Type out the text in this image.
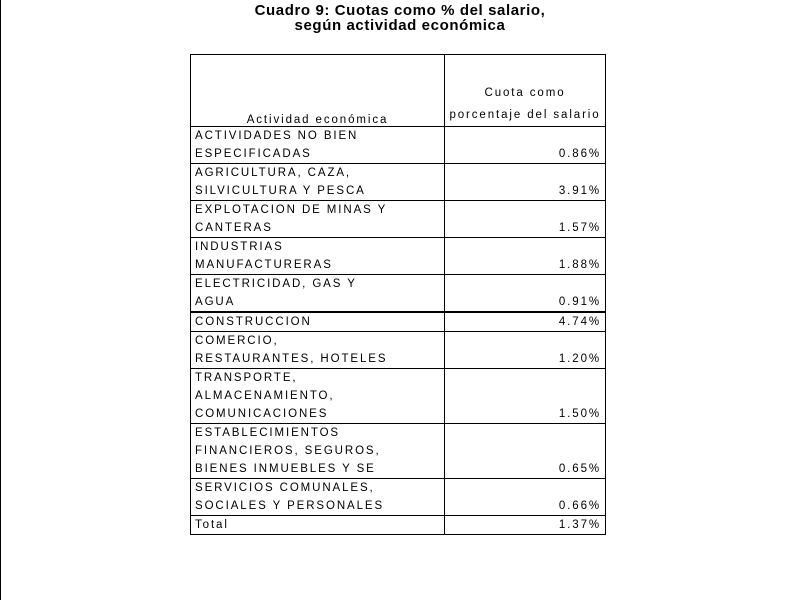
Cuadro 9: Cuotas como % del salario,
según actividad económica
Actividad económica	Cuota como porcentaje del salario
ACTIVIDADES NO BIEN
ESPECIFICADAS	0.86%
AGRICULTURA, CAZA,
SILVICULTURA Y PESCA	3.91%
EXPLOTACION DE MINAS Y
CANTERAS	1.57%
INDUSTRIAS
MANUFACTURERAS	1.88%
ELECTRICIDAD, GAS Y
AGUA	0.91%
CONSTRUCCION	4.74%
COMERCIO,
RESTAURANTES, HOTELES	1.20%
TRANSPORTE,
ALMACENAMIENTO,
COMUNICACIONES	1.50%
ESTABLECIMIENTOS
FINANCIEROS, SEGUROS,
BIENES INMUEBLES Y SE	0.65%
SERVICIOS COMUNALES,
SOCIALES Y PERSONALES	0.66%
Total	1.37%
